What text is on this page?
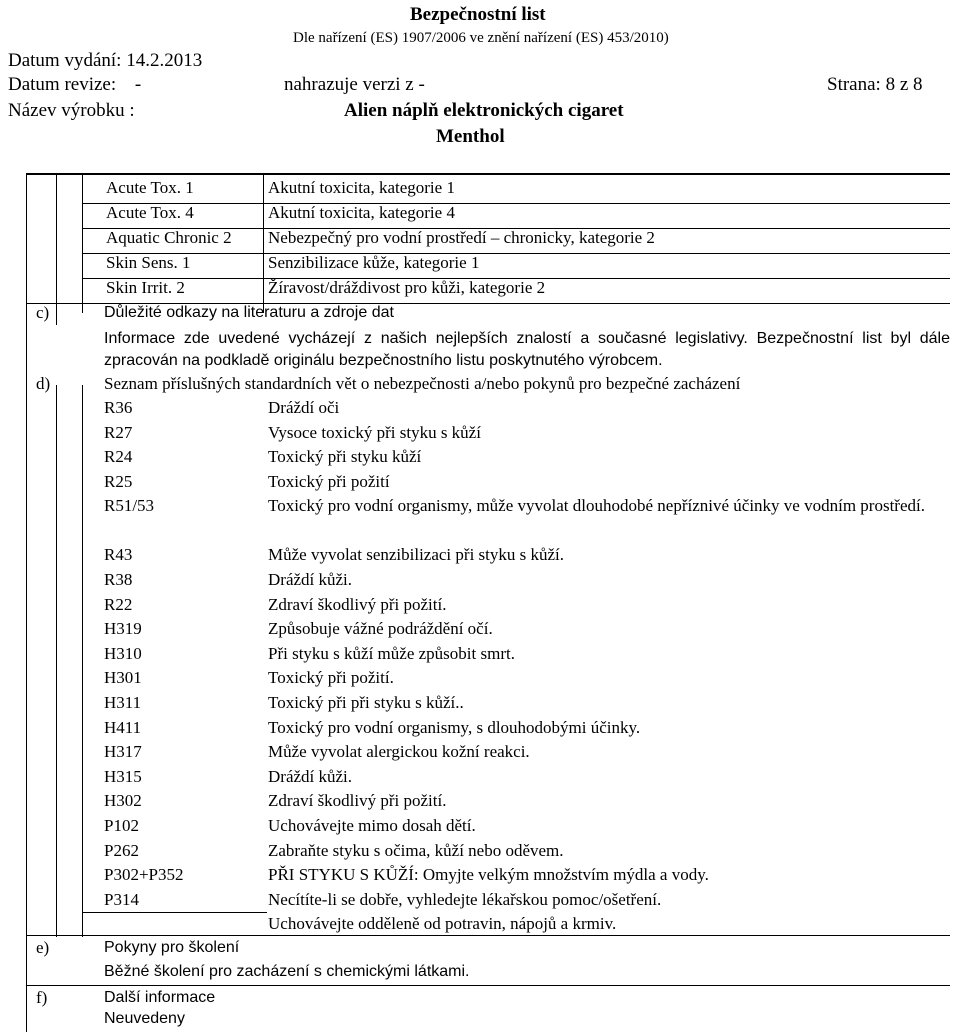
Bezpečnostní list
Dle nařízení (ES) 1907/2006 ve znění nařízení (ES) 453/2010)
Datum vydání: 14.2.2013
Datum revize: -	nahrazuje verzi z -	Strana: 8 z 8
Název výrobku :	Alien náplň elektronických cigaret
Menthol
Acute Tox. 1	Akutní toxicita, kategorie 1
Acute Tox. 4	Akutní toxicita, kategorie 4
Aquatic Chronic 2 Nebezpečný pro vodní prostředí – chronicky, kategorie 2
Skin Sens. 1	Senzibilizace kůže, kategorie 1
Skin Irrit. 2	Žíravost/dráždivost pro kůži, kategorie 2
c)	Důležité odkazy na literaturu a zdroje dat
Informace zde uvedené vycházejí z našich nejlepších znalostí a současné legislativy. Bezpečnostní list byl dále zpracován na podkladě originálu bezpečnostního listu poskytnutého výrobcem.
d)	Seznam příslušných standardních vět o nebezpečnosti a/nebo pokynů pro bezpečné zacházení
R36	Dráždí oči
R27	Vysoce toxický při styku s kůží
R24	Toxický při styku kůží
R25	Toxický při požití
R51/53	Toxický pro vodní organismy, může vyvolat dlouhodobé nepříznivé účinky ve vodním prostředí.
R43	Může vyvolat senzibilizaci při styku s kůží.
R38	Dráždí kůži.
R22	Zdraví škodlivý při požití.
H319	Způsobuje vážné podráždění očí.
H310	Při styku s kůží může způsobit smrt.
H301	Toxický při požití.
H311	Toxický při při styku s kůží..
H411	Toxický pro vodní organismy, s dlouhodobými účinky.
H317	Může vyvolat alergickou kožní reakci.
H315	Dráždí kůži.
H302	Zdraví škodlivý při požití.
P102	Uchovávejte mimo dosah dětí.
P262	Zabraňte styku s očima, kůží nebo oděvem.
P302+P352	PŘI STYKU S KŮŽÍ: Omyjte velkým množstvím mýdla a vody.
P314	Necítíte-li se dobře, vyhledejte lékařskou pomoc/ošetření.
Uchovávejte odděleně od potravin, nápojů a krmiv.
e)	Pokyny pro školení
Běžné školení pro zacházení s chemickými látkami.
f)	Další informace
Neuvedeny
